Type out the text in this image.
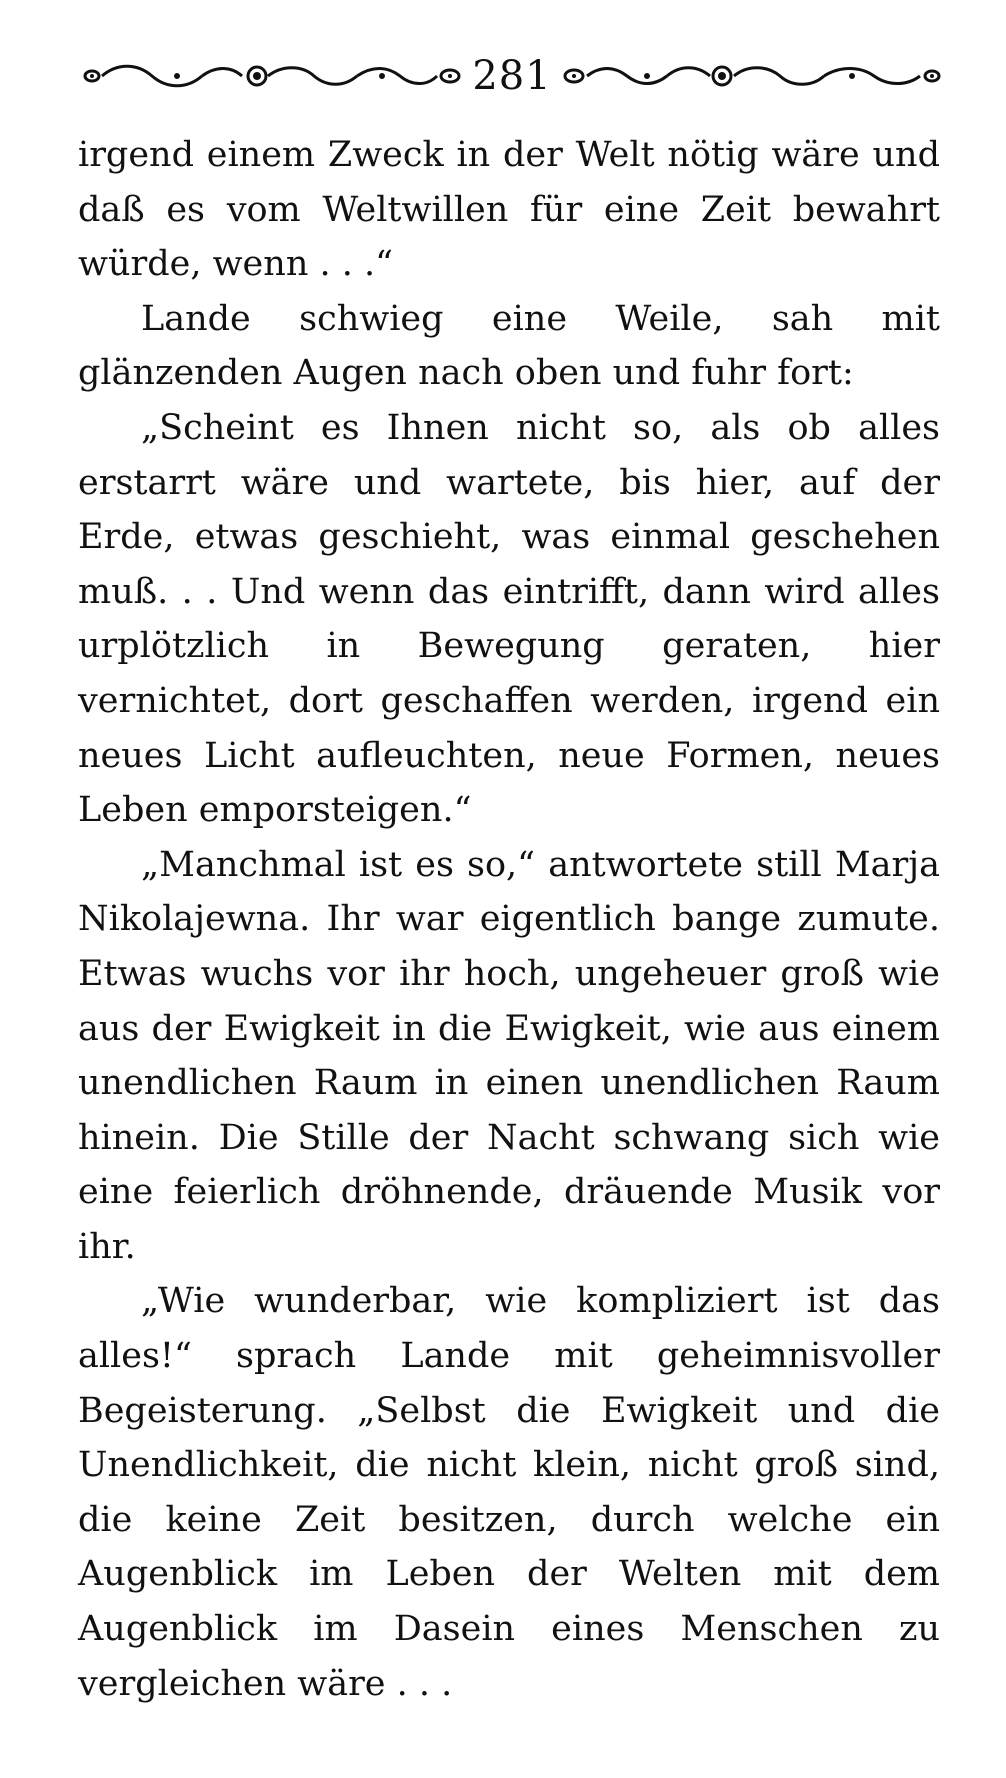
281

irgend einem Zweck in der Welt nötig wäre und daß es vom Weltwillen für eine Zeit bewahrt würde, wenn . . .“

Lande schwieg eine Weile, sah mit glänzenden Augen nach oben und fuhr fort:

„Scheint es Ihnen nicht so, als ob alles erstarrt wäre und wartete, bis hier, auf der Erde, etwas geschieht, was einmal geschehen muß. . . Und wenn das eintrifft, dann wird alles urplötzlich in Bewegung geraten, hier vernichtet, dort geschaffen werden, irgend ein neues Licht aufleuchten, neue Formen, neues Leben emporsteigen.“

„Manchmal ist es so,“ antwortete still Marja Nikolajewna. Ihr war eigentlich bange zumute. Etwas wuchs vor ihr hoch, ungeheuer groß wie aus der Ewigkeit in die Ewigkeit, wie aus einem unendlichen Raum in einen unendlichen Raum hinein. Die Stille der Nacht schwang sich wie eine feierlich dröhnende, dräuende Musik vor ihr.

„Wie wunderbar, wie kompliziert ist das alles!“ sprach Lande mit geheimnisvoller Begeisterung. „Selbst die Ewigkeit und die Unendlichkeit, die nicht klein, nicht groß sind, die keine Zeit besitzen, durch welche ein Augenblick im Leben der Welten mit dem Augenblick im Dasein eines Menschen zu vergleichen wäre . . .
